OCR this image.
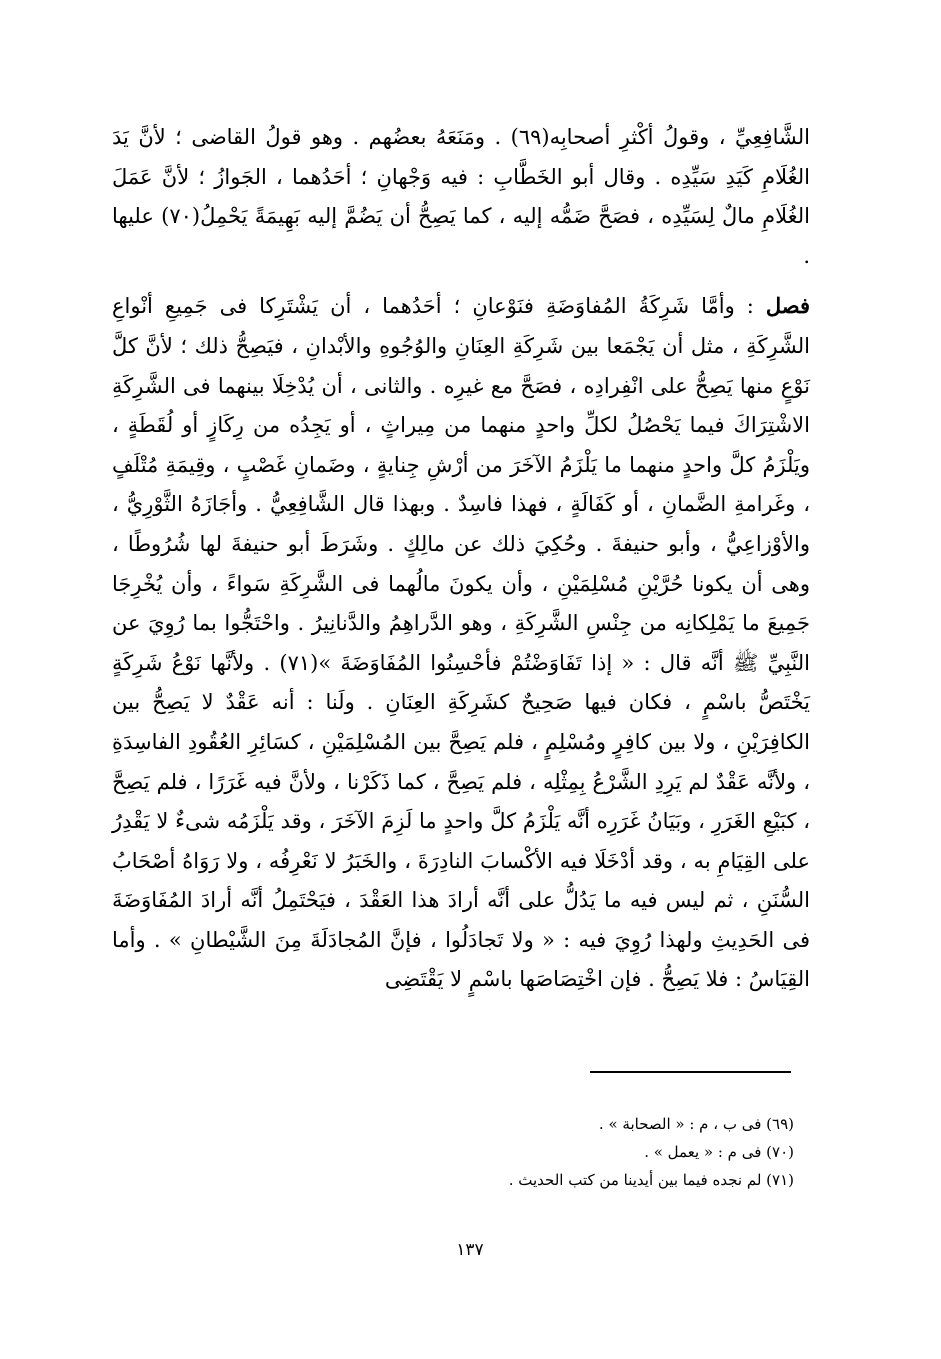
الشَّافِعِيِّ ، وقولُ أكْثرِ أصحابِه(٦٩) . ومَنَعَهُ بعضُهم . وهو قولُ القاضى ؛ لأنَّ يَدَ الغُلَامِ كَيَدِ سَيِّدِه . وقال أبو الخَطَّابِ : فيه وَجْهانِ ؛ أحَدُهما ، الجَوازُ ؛ لأنَّ عَمَلَ الغُلَامِ مالٌ لِسَيِّدِه ، فصَحَّ ضَمُّه إليه ، كما يَصِحُّ أن يَضُمَّ إليه بَهِيمَةً يَحْمِلُ(٧٠) عليها .

فصل : وأمَّا شَرِكَةُ المُفاوَضَةِ فنَوْعانِ ؛ أحَدُهما ، أن يَشْتَرِكا فى جَمِيعِ أنْواعِ الشَّرِكَةِ ، مثل أن يَجْمَعا بين شَرِكَةِ العِنَانِ والوُجُوهِ والأبْدانِ ، فيَصِحُّ ذلك ؛ لأنَّ كلَّ نَوْعٍ منها يَصِحُّ على انْفِرادِه ، فصَحَّ مع غيرِه . والثانى ، أن يُدْخِلَا بينهما فى الشَّرِكَةِ الاشْتِرَاكَ فيما يَحْصُلُ لكلِّ واحدٍ منهما من مِيراثٍ ، أو يَجِدُه من رِكَازٍ أو لُقَطَةٍ ، ويَلْزَمُ كلَّ واحدٍ منهما ما يَلْزَمُ الآخَرَ من أرْشِ جِنايةٍ ، وضَمانِ غَصْبٍ ، وقِيمَةِ مُتْلَفٍ ، وغَرامةِ الضَّمانِ ، أو كَفَالَةٍ ، فهذا فاسِدٌ . وبهذا قال الشَّافِعِيُّ . وأجَازَهُ الثَّوْرِيُّ ، والأوْزاعِيُّ ، وأبو حنيفةَ . وحُكِيَ ذلك عن مالِكٍ . وشَرَطَ أبو حنيفةَ لها شُرُوطًا ، وهى أن يكونا حُرَّيْنِ مُسْلِمَيْنِ ، وأن يكونَ مالُهما فى الشَّرِكَةِ سَواءً ، وأن يُخْرِجَا جَمِيعَ ما يَمْلِكانِه من جِنْسِ الشَّرِكَةِ ، وهو الدَّراهِمُ والدَّنانِيرُ . واحْتَجُّوا بما رُوِيَ عن النَّبِيِّ ﷺ أنَّه قال : « إذا تَفَاوَضْتُمْ فأحْسِنُوا المُفَاوَضَةَ »(٧١) . ولأنَّها نَوْعُ شَرِكَةٍ يَخْتَصُّ باسْمٍ ، فكان فيها صَحِيحٌ كشَرِكَةِ العِنَانِ . ولَنا : أنه عَقْدٌ لا يَصِحُّ بين الكافِرَيْنِ ، ولا بين كافِرٍ ومُسْلِمٍ ، فلم يَصِحَّ بين المُسْلِمَيْنِ ، كسَائِرِ العُقُودِ الفاسِدَةِ ، ولأنَّه عَقْدٌ لم يَرِدِ الشَّرْعُ بِمِثْلِه ، فلم يَصِحَّ ، كما ذَكَرْنا ، ولأنَّ فيه غَرَرًا ، فلم يَصِحَّ ، كبَيْعِ الغَرَرِ ، وبَيَانُ غَرَرِه أنَّه يَلْزَمُ كلَّ واحدٍ ما لَزِمَ الآخَرَ ، وقد يَلْزَمُه شىءٌ لا يَقْدِرُ على القِيَامِ به ، وقد أدْخَلَا فيه الأكْسابَ النادِرَةَ ، والخَبَرُ لا نَعْرِفُه ، ولا رَوَاهُ أصْحَابُ السُّنَنِ ، ثم ليس فيه ما يَدُلُّ على أنَّه أرادَ هذا العَقْدَ ، فيَحْتَمِلُ أنَّه أرادَ المُفَاوَضَةَ فى الحَدِيثِ ولهذا رُوِيَ فيه : « ولا تَجادَلُوا ، فإنَّ المُجادَلَةَ مِنَ الشَّيْطانِ » . وأما القِيَاسُ : فلا يَصِحُّ . فإن اخْتِصَاصَها باسْمٍ لا يَقْتَضِى

(٦٩) فى ب ، م : « الصحابة » .
(٧٠) فى م : « يعمل » .
(٧١) لم نجده فيما بين أيدينا من كتب الحديث .
١٣٧
